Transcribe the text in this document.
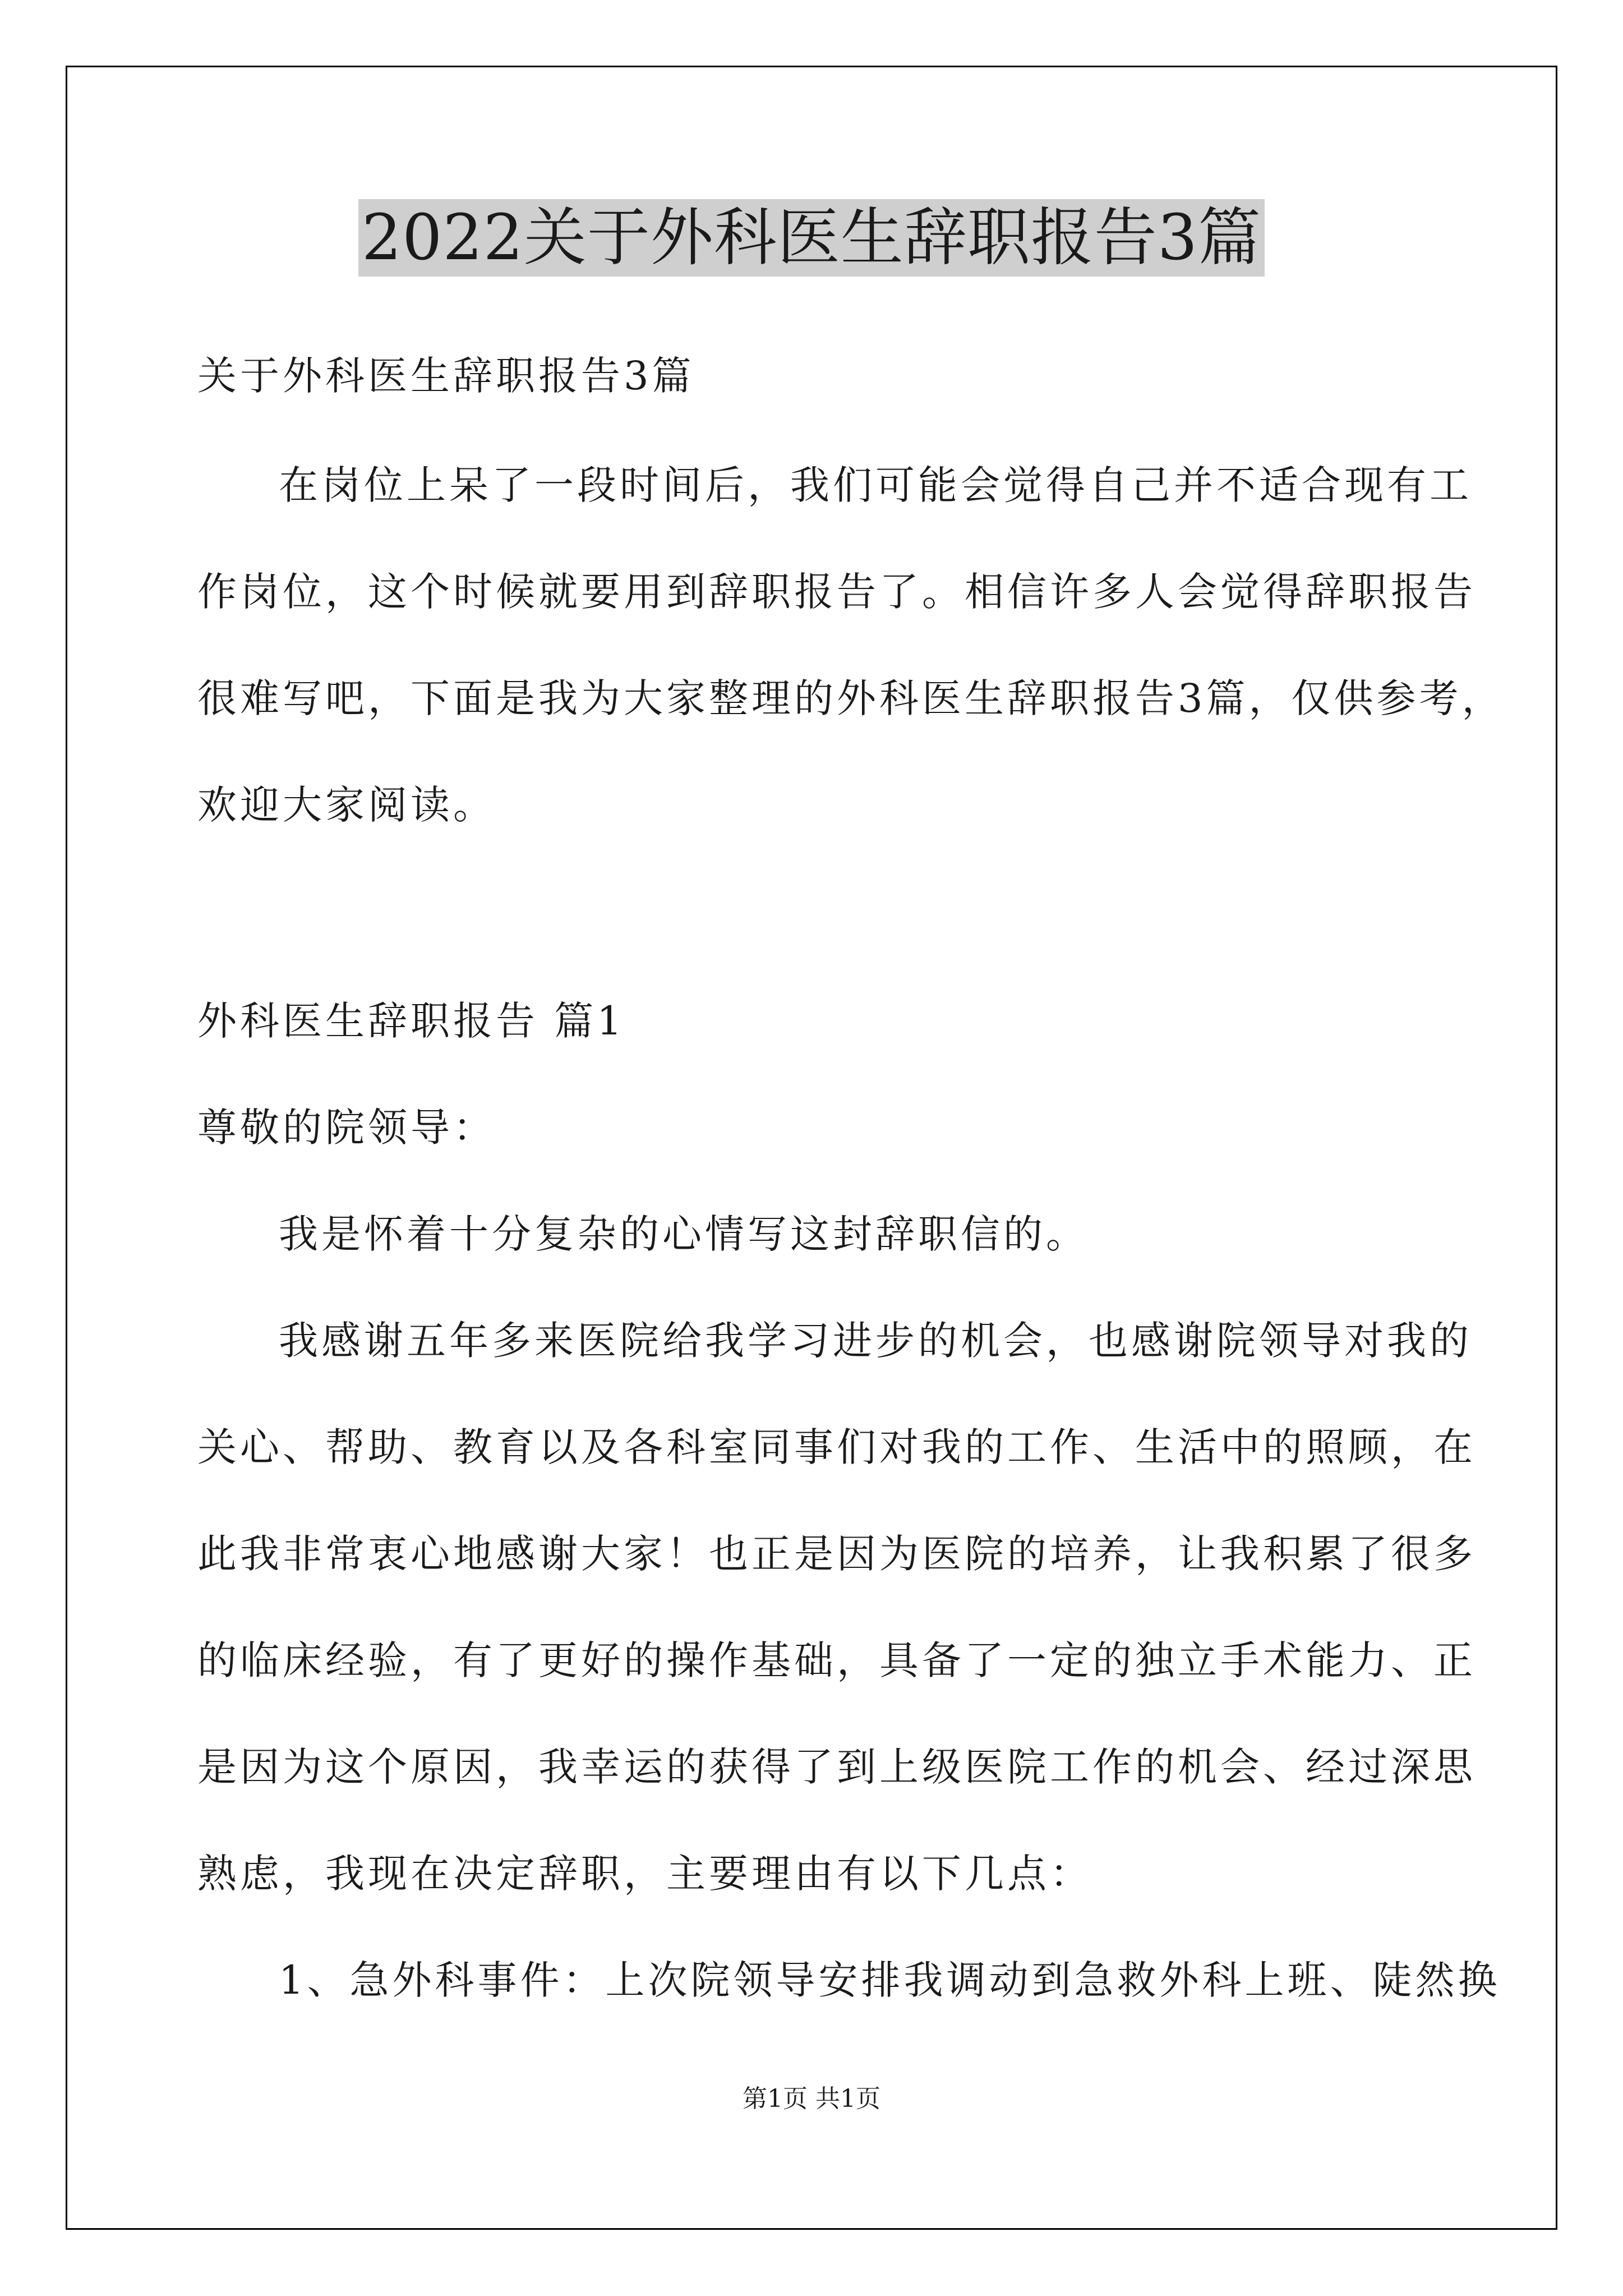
2022关于外科医生辞职报告3篇
关于外科医生辞职报告3篇
在岗位上呆了一段时间后，我们可能会觉得自己并不适合现有工
作岗位，这个时候就要用到辞职报告了。相信许多人会觉得辞职报告
很难写吧，下面是我为大家整理的外科医生辞职报告3篇，仅供参考，
欢迎大家阅读。
外科医生辞职报告 篇1
尊敬的院领导：
我是怀着十分复杂的心情写这封辞职信的。
我感谢五年多来医院给我学习进步的机会，也感谢院领导对我的
关心、帮助、教育以及各科室同事们对我的工作、生活中的照顾，在
此我非常衷心地感谢大家！也正是因为医院的培养，让我积累了很多
的临床经验，有了更好的操作基础，具备了一定的独立手术能力、正
是因为这个原因，我幸运的获得了到上级医院工作的机会、经过深思
熟虑，我现在决定辞职，主要理由有以下几点：
1、急外科事件：上次院领导安排我调动到急救外科上班、陡然换
第1页 共1页
